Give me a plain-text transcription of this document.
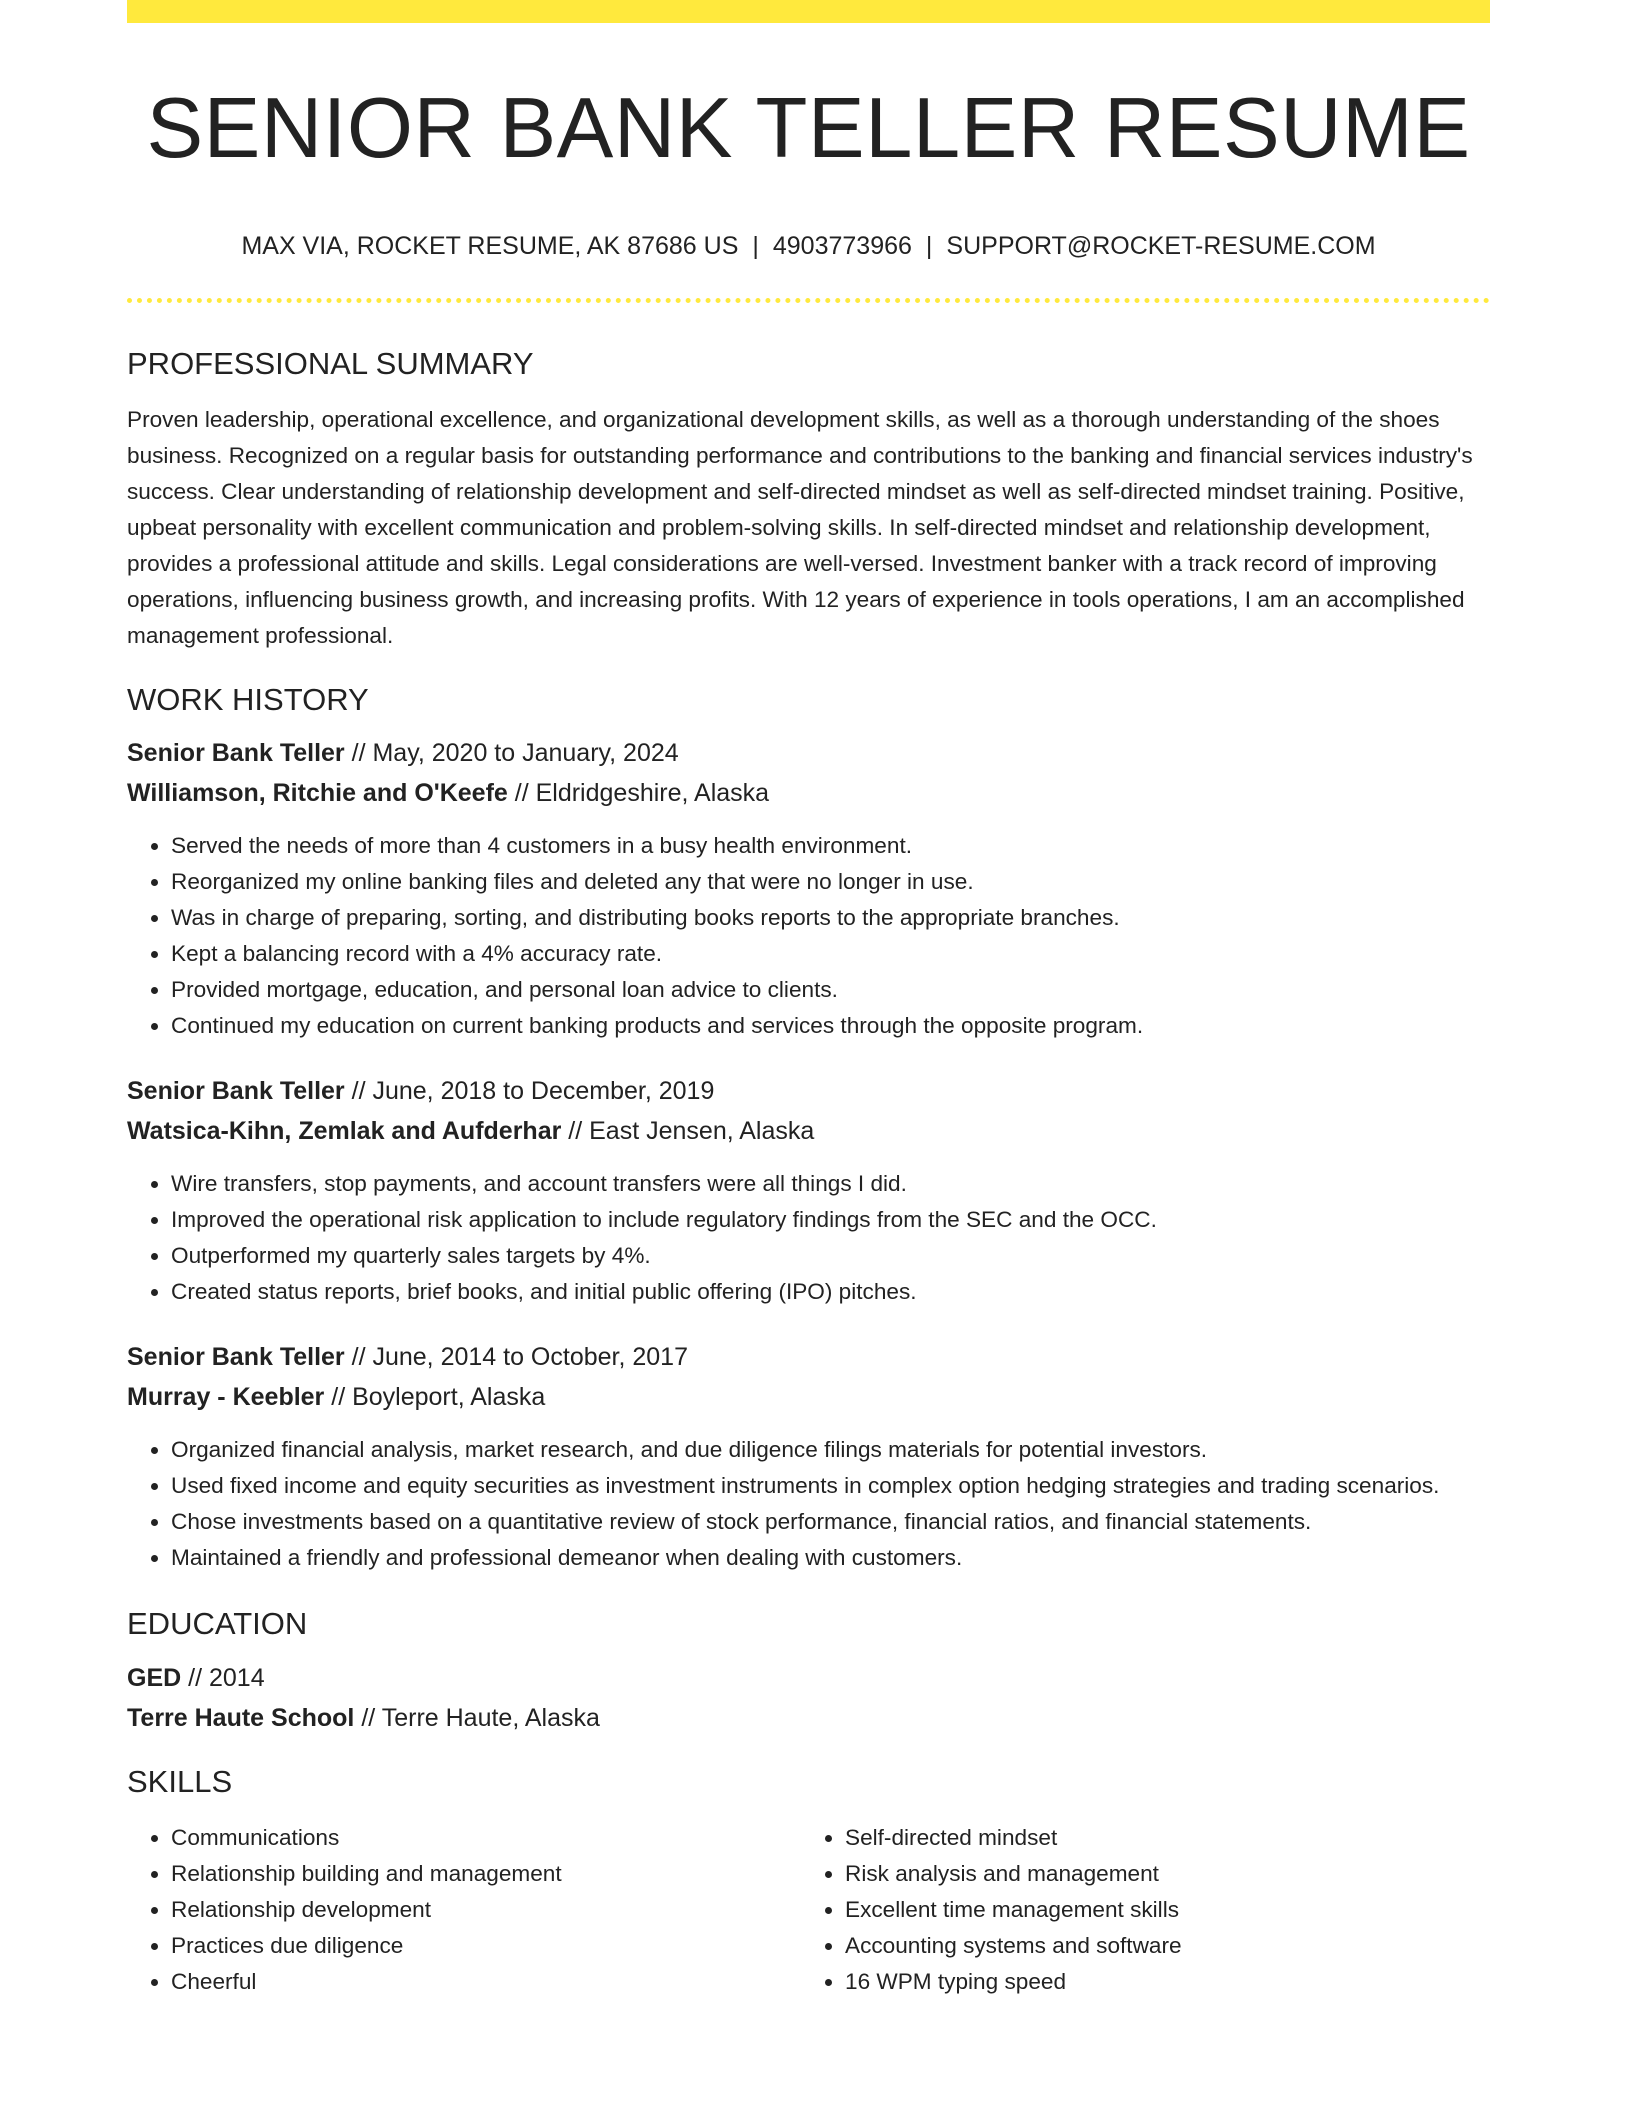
SENIOR BANK TELLER RESUME
MAX VIA, ROCKET RESUME, AK 87686 US | 4903773966 | SUPPORT@ROCKET-RESUME.COM
PROFESSIONAL SUMMARY

Proven leadership, operational excellence, and organizational development skills, as well as a thorough understanding of the shoes business. Recognized on a regular basis for outstanding performance and contributions to the banking and financial services industry's success. Clear understanding of relationship development and self-directed mindset as well as self-directed mindset training. Positive, upbeat personality with excellent communication and problem-solving skills. In self-directed mindset and relationship development, provides a professional attitude and skills. Legal considerations are well-versed. Investment banker with a track record of improving operations, influencing business growth, and increasing profits. With 12 years of experience in tools operations, I am an accomplished management professional.

WORK HISTORY
Senior Bank Teller // May, 2020 to January, 2024
Williamson, Ritchie and O'Keefe // Eldridgeshire, Alaska
• Served the needs of more than 4 customers in a busy health environment.
• Reorganized my online banking files and deleted any that were no longer in use.
• Was in charge of preparing, sorting, and distributing books reports to the appropriate branches.
• Kept a balancing record with a 4% accuracy rate.
• Provided mortgage, education, and personal loan advice to clients.
• Continued my education on current banking products and services through the opposite program.
Senior Bank Teller // June, 2018 to December, 2019
Watsica-Kihn, Zemlak and Aufderhar // East Jensen, Alaska
• Wire transfers, stop payments, and account transfers were all things I did.
• Improved the operational risk application to include regulatory findings from the SEC and the OCC.
• Outperformed my quarterly sales targets by 4%.
• Created status reports, brief books, and initial public offering (IPO) pitches.
Senior Bank Teller // June, 2014 to October, 2017
Murray - Keebler // Boyleport, Alaska
• Organized financial analysis, market research, and due diligence filings materials for potential investors.
• Used fixed income and equity securities as investment instruments in complex option hedging strategies and trading scenarios.
• Chose investments based on a quantitative review of stock performance, financial ratios, and financial statements.
• Maintained a friendly and professional demeanor when dealing with customers.
EDUCATION
GED // 2014
Terre Haute School // Terre Haute, Alaska
SKILLS
• Communications
• Relationship building and management
• Relationship development
• Practices due diligence
• Cheerful
• Self-directed mindset
• Risk analysis and management
• Excellent time management skills
• Accounting systems and software
• 16 WPM typing speed
